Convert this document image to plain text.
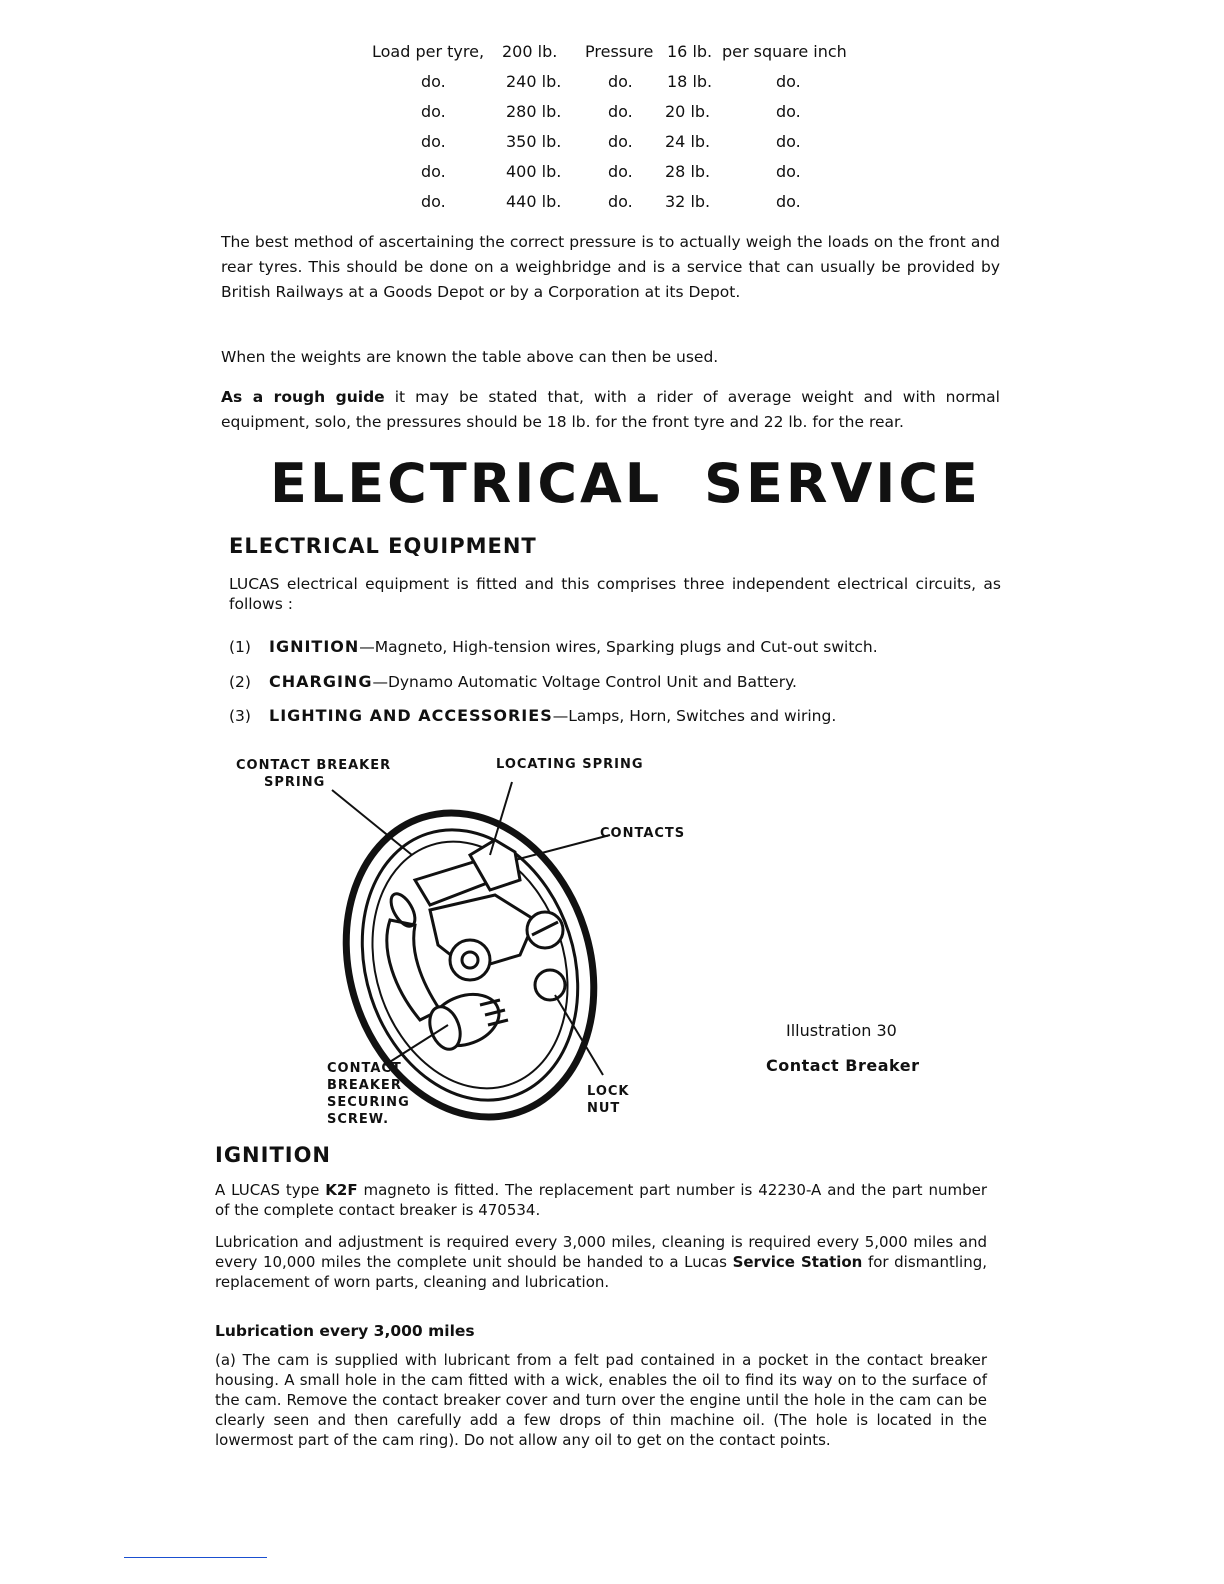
Load per tyre, 200 lb. Pressure 16 lb. per square inch
do.	240 lb.	do. 18 lb.	do.
do.	280 lb.	do. 20 lb.	do.
do.	350 lb.	do. 24 lb.	do.
do.	400 lb.	do. 28 lb.	do.
do.	440 lb.	do. 32 lb.	do.

The best method of ascertaining the correct pressure is to actually weigh the loads on the front and rear tyres. This should be done on a weighbridge and is a service that can usually be provided by British Railways at a Goods Depot or by a Corporation at its Depot.

When the weights are known the table above can then be used.

As a rough guide it may be stated that, with a rider of average weight and with normal equipment, solo, the pressures should be 18 lb. for the front tyre and 22 lb. for the rear.

ELECTRICAL SERVICE
ELECTRICAL EQUIPMENT

LUCAS electrical equipment is fitted and this comprises three independent electrical circuits, as follows :

(1) IGNITION—Magneto, High-tension wires, Sparking plugs and Cut-out switch.
(2) CHARGING—Dynamo Automatic Voltage Control Unit and Battery.
(3) LIGHTING AND ACCESSORIES—Lamps, Horn, Switches and wiring.
CONTACT BREAKER
SPRING
LOCATING SPRING
CONTACTS
CONTACT
BREAKER
SECURING
SCREW.
LOCK
NUT
Illustration 30
Contact Breaker
IGNITION

A LUCAS type K2F magneto is fitted. The replacement part number is 42230-A and the part number of the complete contact breaker is 470534.

Lubrication and adjustment is required every 3,000 miles, cleaning is required every 5,000 miles and every 10,000 miles the complete unit should be handed to a Lucas Service Station for dismantling, replacement of worn parts, cleaning and lubrication.

Lubrication every 3,000 miles

(a) The cam is supplied with lubricant from a felt pad contained in a pocket in the contact breaker housing. A small hole in the cam fitted with a wick, enables the oil to find its way on to the surface of the cam. Remove the contact breaker cover and turn over the engine until the hole in the cam can be clearly seen and then carefully add a few drops of thin machine oil. (The hole is located in the lowermost part of the cam ring). Do not allow any oil to get on the contact points.
